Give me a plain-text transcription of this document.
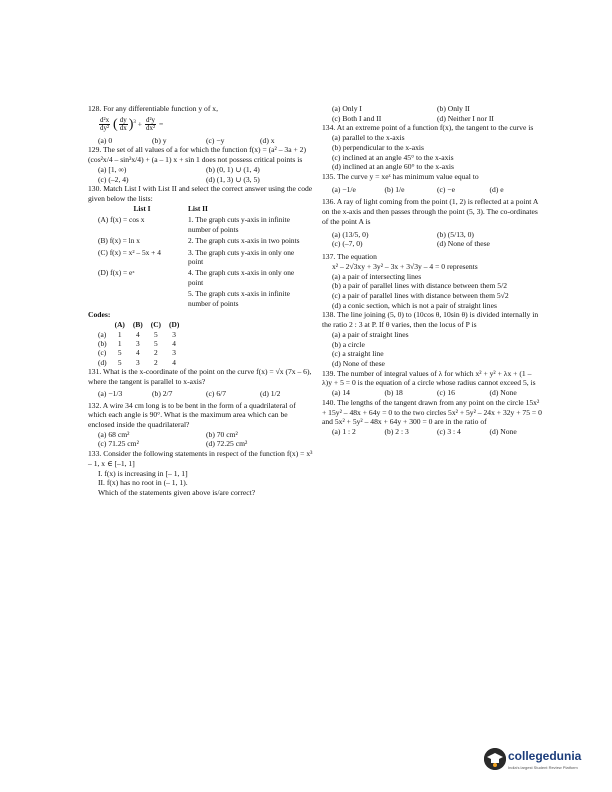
128. For any differentiable function y of x,

$\frac{\text{d²x}}{\text{dy²}}$ ( $\frac{dy}{dx} )^3 + \frac{\text{d²y}}{\text{dx²}}$ =
(a) 0	(b) y	(c) −y	(d) x

129. The set of all values of a for which the function f(x) = (a² – 3a + 2) (cos²x/4 – sin²x/4) + (a – 1) x + sin 1 does not possess critical points is

(a) [1, ∞)	(b) (0, 1) ∪ (1, 4)
(c) (–2, 4)	(d) (1, 3) ∪ (3, 5)

130. Match List I with List II and select the correct answer using the code given below the lists:

List I	List II
(A) f(x) = cos x	1. The graph cuts y-axis in infinite number of points
(B) f(x) = ln x	2. The graph cuts x-axis in two points
(C) f(x) = x² – 5x + 4	3. The graph cuts y-axis in only one point
(D) f(x) = eˣ	4. The graph cuts x-axis in only one point
	5. The graph cuts x-axis in infinite number of points
Codes:
	(A)	(B)	(C)	(D)
(a)	1	4	5	3
(b)	1	3	5	4
(c)	5	4	2	3
(d)	5	3	2	4

131. What is the x-coordinate of the point on the curve f(x) = √x (7x – 6), where the tangent is parallel to x-axis?

(a) −1/3	(b) 2/7	(c) 6/7	(d) 1/2

132. A wire 34 cm long is to be bent in the form of a quadrilateral of which each angle is 90°. What is the maximum area which can be enclosed inside the quadrilateral?

(a) 68 cm²	(b) 70 cm²
(c) 71.25 cm²	(d) 72.25 cm²

133. Consider the following statements in respect of the function f(x) = x³ – 1, x ∈ [–1, 1]

I. f(x) is increasing in [– 1, 1]
II. f(x) has no root in (– 1, 1).
Which of the statements given above is/are correct?
(a) Only I	(b) Only II
(c) Both I and II	(d) Neither I nor II

134. At an extreme point of a function f(x), the tangent to the curve is

(a) parallel to the x-axis
(b) perpendicular to the x-axis
(c) inclined at an angle 45° to the x-axis
(d) inclined at an angle 60° to the x-axis

135. The curve y = xeˣ has minimum value equal to

(a) −1/e	(b) 1/e	(c) −e	(d) e

136. A ray of light coming from the point (1, 2) is reflected at a point A on the x-axis and then passes through the point (5, 3). The co-ordinates of the point A is

(a) (13/5, 0)	(b) (5/13, 0)
(c) (–7, 0)	(d) None of these

137. The equation

x² – 2√3xy + 3y² – 3x + 3√3y – 4 = 0 represents
(a) a pair of intersecting lines
(b) a pair of parallel lines with distance between them 5/2
(c) a pair of parallel lines with distance between them 5√2
(d) a conic section, which is not a pair of straight lines

138. The line joining (5, 0) to (10cos θ, 10sin θ) is divided internally in the ratio 2 : 3 at P. If θ varies, then the locus of P is

(a) a pair of straight lines
(b) a circle
(c) a straight line
(d) None of these

139. The number of integral values of λ for which x² + y² + λx + (1 – λ)y + 5 = 0 is the equation of a circle whose radius cannot exceed 5, is

(a) 14	(b) 18	(c) 16	(d) None

140. The lengths of the tangent drawn from any point on the circle 15x² + 15y² – 48x + 64y = 0 to the two circles 5x² + 5y² – 24x + 32y + 75 = 0 and 5x² + 5y² – 48x + 64y + 300 = 0 are in the ratio of

(a) 1 : 2	(b) 2 : 3	(c) 3 : 4	(d) None
collegedunia
India's largest Student Review Platform
